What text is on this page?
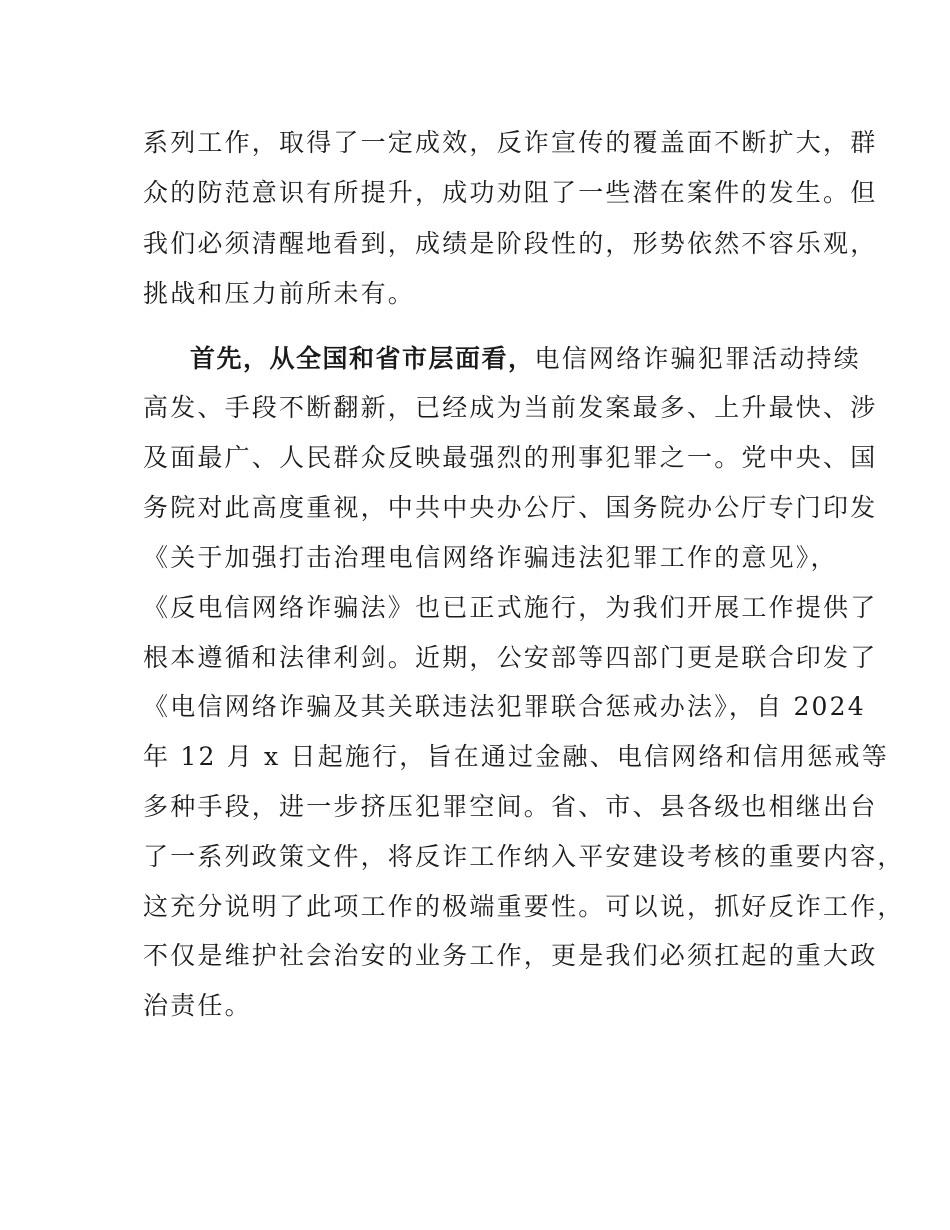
系列工作，取得了一定成效，反诈宣传的覆盖面不断扩大，群
众的防范意识有所提升，成功劝阻了一些潜在案件的发生。但
我们必须清醒地看到，成绩是阶段性的，形势依然不容乐观，
挑战和压力前所未有。
首先，从全国和省市层面看，电信网络诈骗犯罪活动持续
高发、手段不断翻新，已经成为当前发案最多、上升最快、涉
及面最广、人民群众反映最强烈的刑事犯罪之一。党中央、国
务院对此高度重视，中共中央办公厅、国务院办公厅专门印发
《关于加强打击治理电信网络诈骗违法犯罪工作的意见》，
《反电信网络诈骗法》也已正式施行，为我们开展工作提供了
根本遵循和法律利剑。近期，公安部等四部门更是联合印发了
《电信网络诈骗及其关联违法犯罪联合惩戒办法》，自 2024
年 12 月 x 日起施行，旨在通过金融、电信网络和信用惩戒等
多种手段，进一步挤压犯罪空间。省、市、县各级也相继出台
了一系列政策文件，将反诈工作纳入平安建设考核的重要内容，
这充分说明了此项工作的极端重要性。可以说，抓好反诈工作，
不仅是维护社会治安的业务工作，更是我们必须扛起的重大政
治责任。
